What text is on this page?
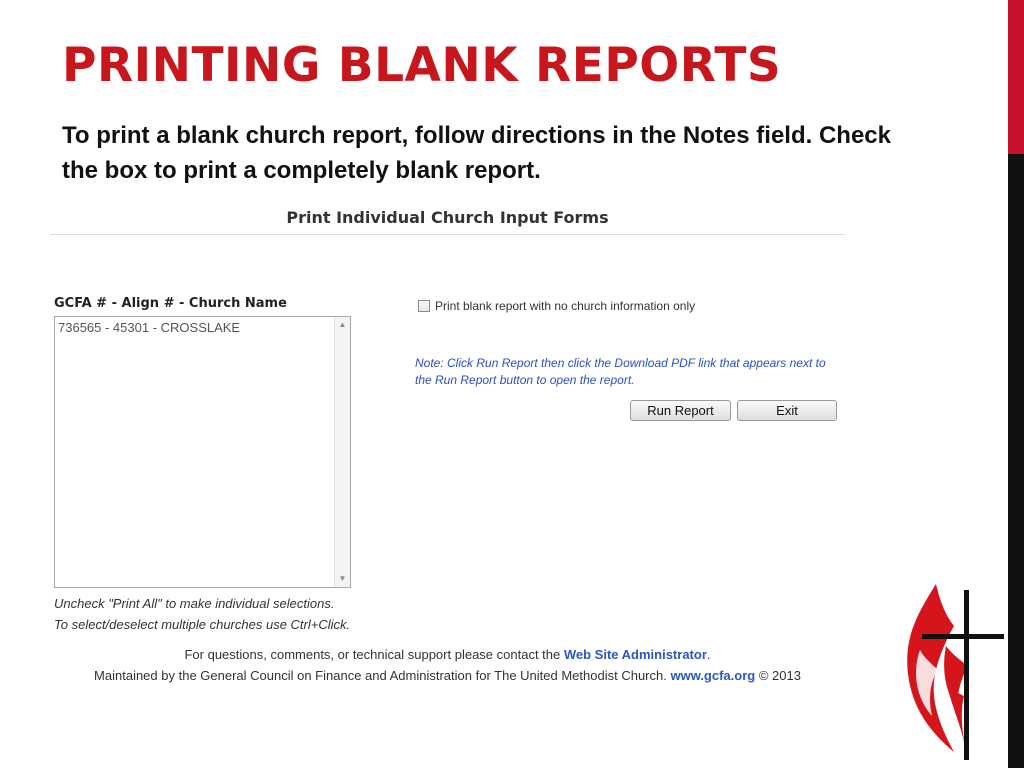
PRINTING BLANK REPORTS
To print a blank church report, follow directions in the Notes field. Check the box to print a completely blank report.
Print Individual Church Input Forms
GCFA # - Align # - Church Name
736565 - 45301 - CROSSLAKE	▲
▼
Uncheck "Print All" to make individual selections.
To select/deselect multiple churches use Ctrl+Click.
Print blank report with no church information only
Note: Click Run Report then click the Download PDF link that appears next to the Run Report button to open the report.
Run Report	Exit
For questions, comments, or technical support please contact the Web Site Administrator.
Maintained by the General Council on Finance and Administration for The United Methodist Church. www.gcfa.org © 2013
